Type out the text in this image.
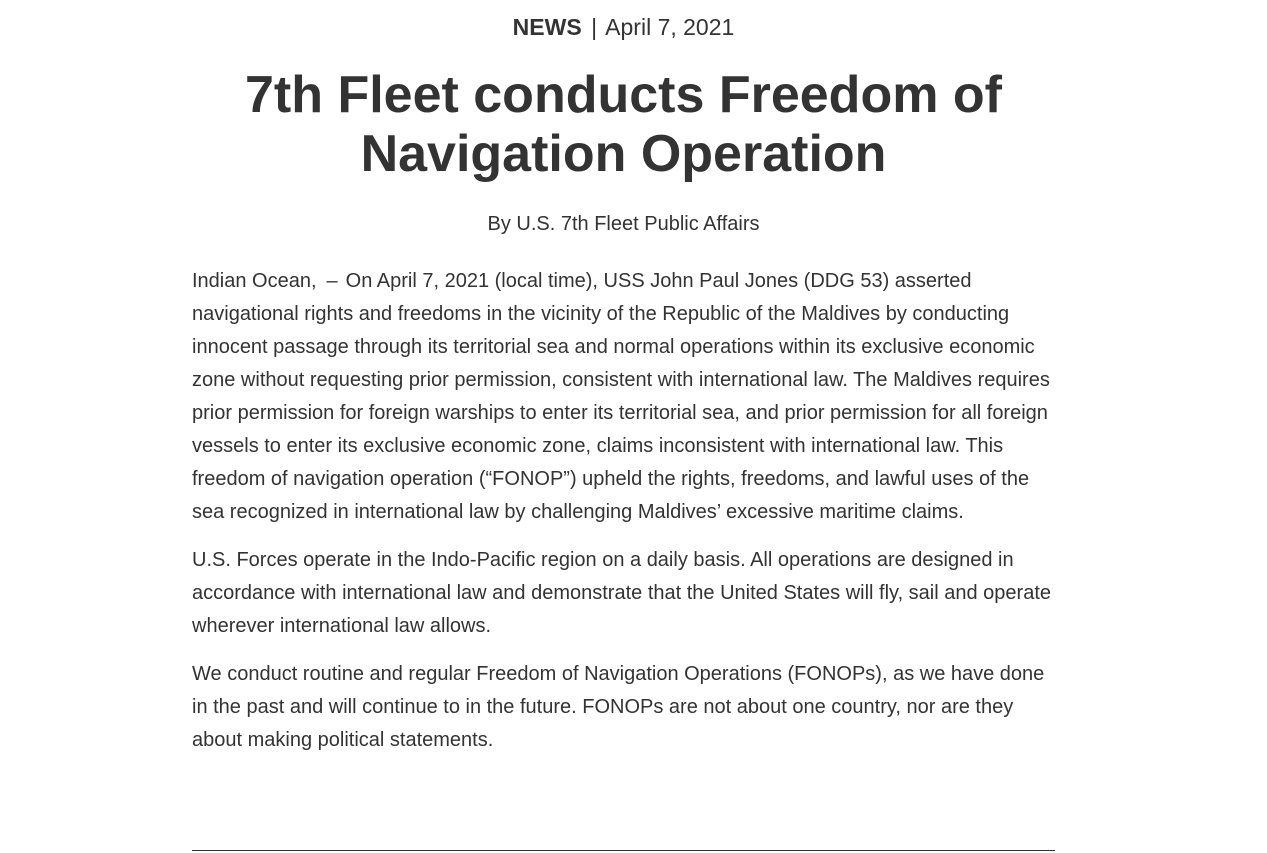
NEWS | April 7, 2021
7th Fleet conducts Freedom of Navigation Operation
By U.S. 7th Fleet Public Affairs

Indian Ocean, – On April 7, 2021 (local time), USS John Paul Jones (DDG 53) asserted navigational rights and freedoms in the vicinity of the Republic of the Maldives by conducting innocent passage through its territorial sea and normal operations within its exclusive economic zone without requesting prior permission, consistent with international law. The Maldives requires prior permission for foreign warships to enter its territorial sea, and prior permission for all foreign vessels to enter its exclusive economic zone, claims inconsistent with international law. This freedom of navigation operation (“FONOP”) upheld the rights, freedoms, and lawful uses of the sea recognized in international law by challenging Maldives’ excessive maritime claims.

U.S. Forces operate in the Indo-Pacific region on a daily basis. All operations are designed in accordance with international law and demonstrate that the United States will fly, sail and operate wherever international law allows.

We conduct routine and regular Freedom of Navigation Operations (FONOPs), as we have done in the past and will continue to in the future. FONOPs are not about one country, nor are they about making political statements.
